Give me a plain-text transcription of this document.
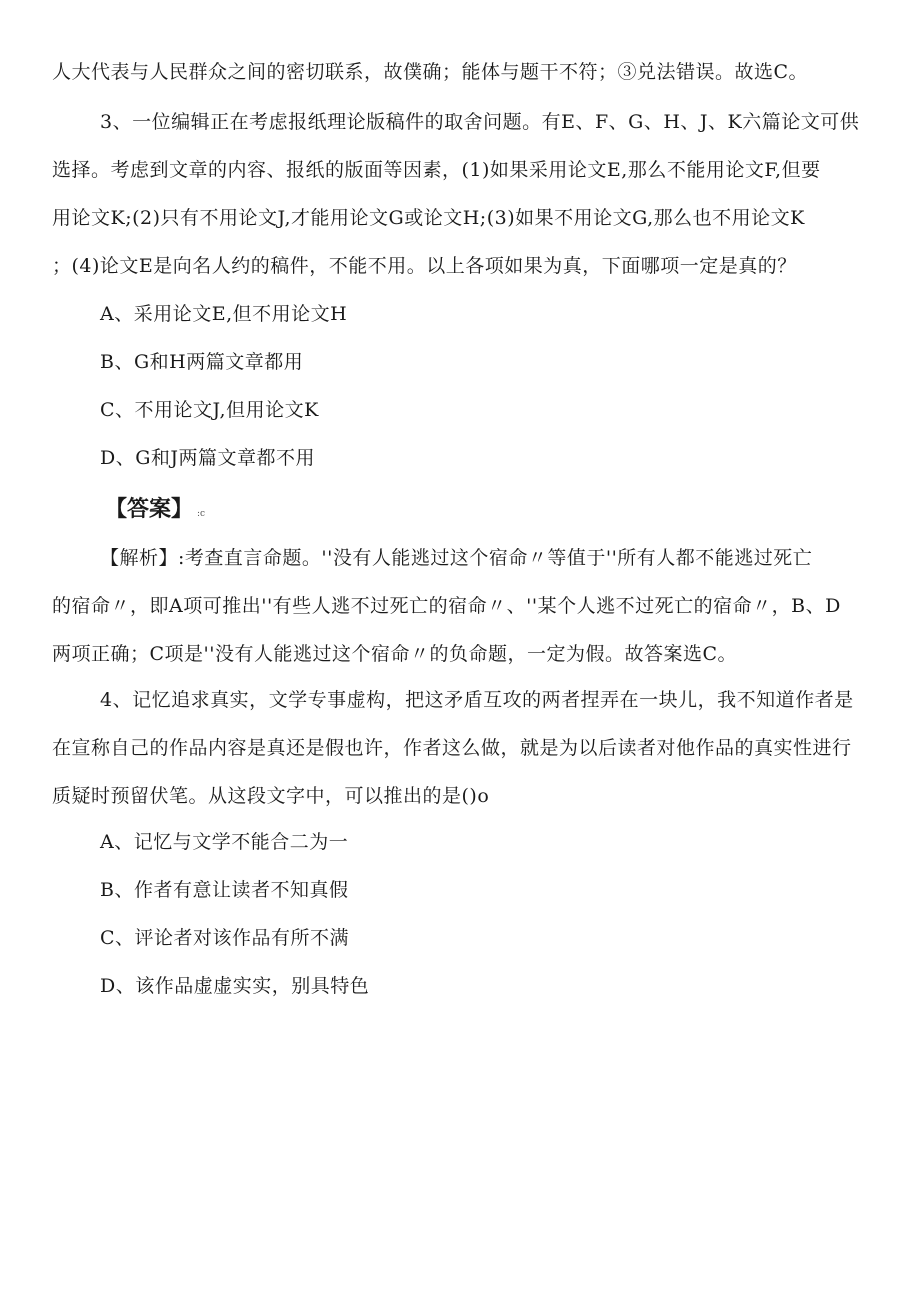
人大代表与人民群众之间的密切联系，故僕确；能体与题干不符；③兑法错误。故选C。
3、一位编辑正在考虑报纸理论版稿件的取舍问题。有E、F、G、H、J、K六篇论文可供
选择。考虑到文章的内容、报纸的版面等因素，(1)如果采用论文E,那么不能用论文F,但要
用论文K;(2)只有不用论文J,才能用论文G或论文H;(3)如果不用论文G,那么也不用论文K
；(4)论文E是向名人约的稿件，不能不用。以上各项如果为真，下面哪项一定是真的？
A、采用论文E,但不用论文H
B、G和H两篇文章都用
C、不用论文J,但用论文K
D、G和J两篇文章都不用
【答案】 :c
【解析】:考查直言命题。''没有人能逃过这个宿命〃等值于''所有人都不能逃过死亡
的宿命〃，即A项可推出''有些人逃不过死亡的宿命〃、''某个人逃不过死亡的宿命〃，B、D
两项正确；C项是''没有人能逃过这个宿命〃的负命题，一定为假。故答案选C。
4、记忆追求真实，文学专事虚构，把这矛盾互攻的两者捏弄在一块儿，我不知道作者是
在宣称自己的作品内容是真还是假也许，作者这么做，就是为以后读者对他作品的真实性进行
质疑时预留伏笔。从这段文字中，可以推出的是()o
A、记忆与文学不能合二为一
B、作者有意让读者不知真假
C、评论者对该作品有所不满
D、该作品虚虚实实，别具特色
